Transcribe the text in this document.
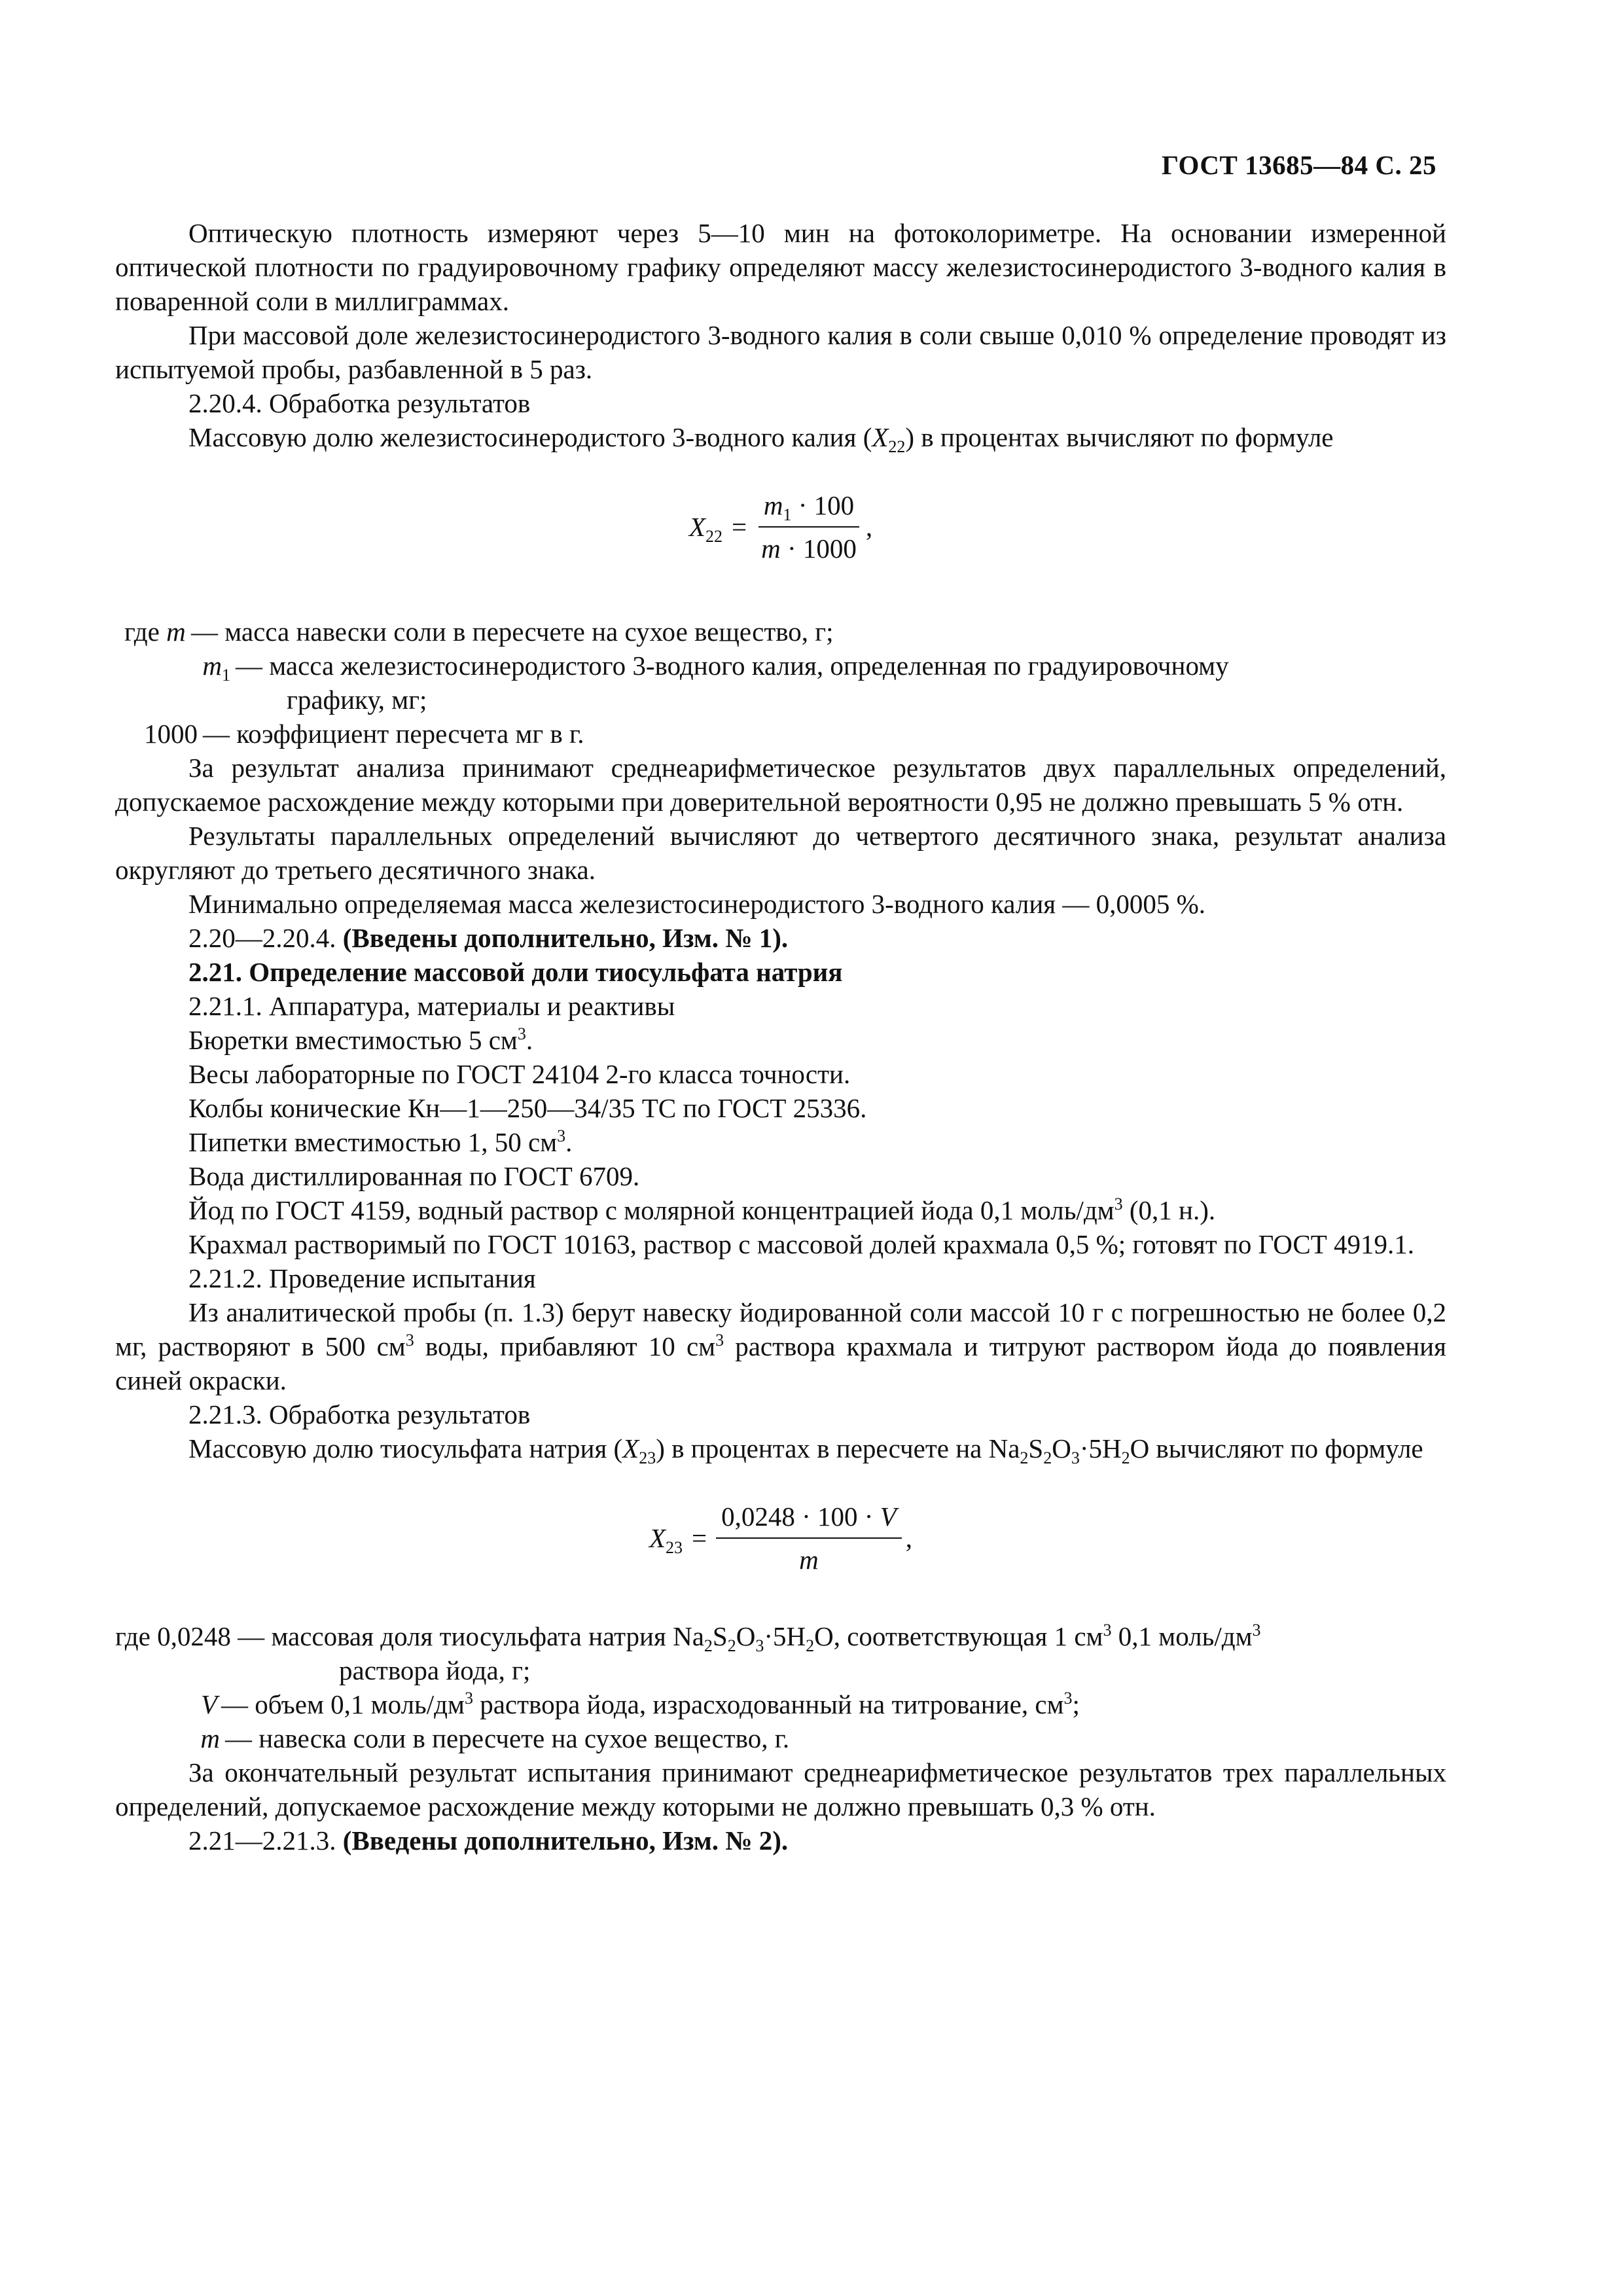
ГОСТ 13685—84 С. 25

Оптическую плотность измеряют через 5—10 мин на фотоколориметре. На основании измеренной оптической плотности по градуировочному графику определяют массу железистосинеродистого 3-водного калия в поваренной соли в миллиграммах.

При массовой доле железистосинеродистого 3-водного калия в соли свыше 0,010 % определение проводят из испытуемой пробы, разбавленной в 5 раз.

2.20.4. Обработка результатов

Массовую долю железистосинеродистого 3-водного калия $(X_{22})$ в процентах вычисляют по формуле

$X_{22} = \frac{m_1 \cdot 100}{m \cdot 1000}$ ,
где m — масса навески соли в пересчете на сухое вещество, г;
$m_1$ — масса железистосинеродистого 3-водного калия, определенная по градуировочному
графику, мг;
1000 — коэффициент пересчета мг в г.

За результат анализа принимают среднеарифметическое результатов двух параллельных определений, допускаемое расхождение между которыми при доверительной вероятности 0,95 не должно превышать 5 % отн.

Результаты параллельных определений вычисляют до четвертого десятичного знака, результат анализа округляют до третьего десятичного знака.

Минимально определяемая масса железистосинеродистого 3-водного калия — 0,0005 %.

2.20—2.20.4. (Введены дополнительно, Изм. № 1).

2.21. Определение массовой доли тиосульфата натрия

2.21.1. Аппаратура, материалы и реактивы

Бюретки вместимостью 5 $см^3$.

Весы лабораторные по ГОСТ 24104 2-го класса точности.

Колбы конические Кн—1—250—34/35 ТС по ГОСТ 25336.

Пипетки вместимостью 1, 50 $см^3$.

Вода дистиллированная по ГОСТ 6709.

Йод по ГОСТ 4159, водный раствор с молярной концентрацией йода 0,1 моль/$дм^3$ (0,1 н.).

Крахмал растворимый по ГОСТ 10163, раствор с массовой долей крахмала 0,5 %; готовят по ГОСТ 4919.1.

2.21.2. Проведение испытания

Из аналитической пробы (п. 1.3) берут навеску йодированной соли массой 10 г с погрешностью не более 0,2 мг, растворяют в 500 $см^3$ воды, прибавляют 10 $см^3$ раствора крахмала и титруют раствором йода до появления синей окраски.

2.21.3. Обработка результатов

Массовую долю тиосульфата натрия $(X_{23})$ в процентах в пересчете на $Na_2S_2O_3\cdot 5H_2O$ вычисляют по формуле

$X_{23} = \frac{0,0248 \cdot 100 \cdot V}{m}$ ,
где 0,0248 — массовая доля тиосульфата натрия $Na_2S_2O_3\cdot 5H_2O$, соответствующая 1 $см^3$ 0,1 моль/$дм^3$
раствора йода, г;
V — объем 0,1 моль/$дм^3$ раствора йода, израсходованный на титрование, $см^3$;
m — навеска соли в пересчете на сухое вещество, г.

За окончательный результат испытания принимают среднеарифметическое результатов трех параллельных определений, допускаемое расхождение между которыми не должно превышать 0,3 % отн.

2.21—2.21.3. (Введены дополнительно, Изм. № 2).
